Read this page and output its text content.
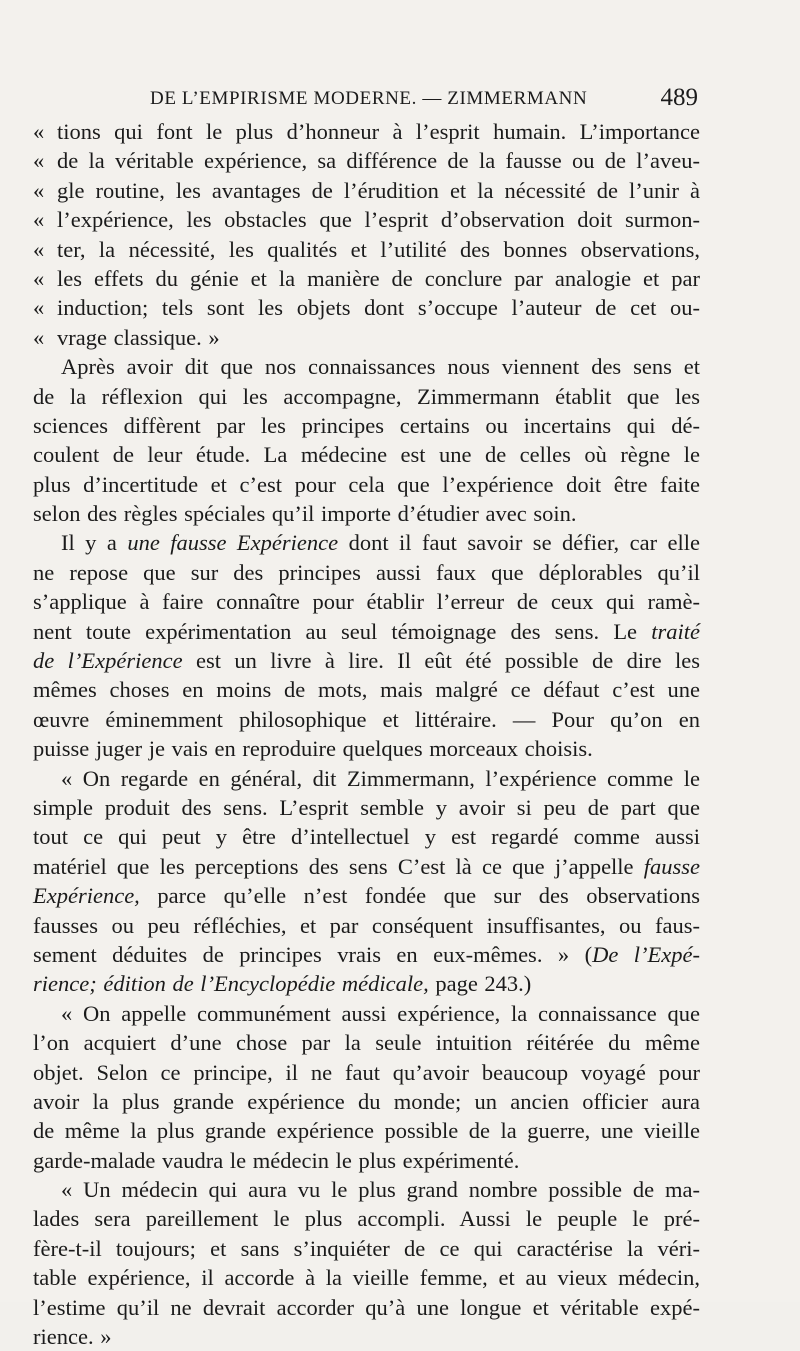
DE L’EMPIRISME MODERNE. — ZIMMERMANN	489
« tions qui font le plus d’honneur à l’esprit humain. L’importance
« de la véritable expérience, sa différence de la fausse ou de l’aveu-
« gle routine, les avantages de l’érudition et la nécessité de l’unir à
« l’expérience, les obstacles que l’esprit d’observation doit surmon-
« ter, la nécessité, les qualités et l’utilité des bonnes observations,
« les effets du génie et la manière de conclure par analogie et par
« induction; tels sont les objets dont s’occupe l’auteur de cet ou-
« vrage classique. »
Après avoir dit que nos connaissances nous viennent des sens et
de la réflexion qui les accompagne, Zimmermann établit que les
sciences diffèrent par les principes certains ou incertains qui dé-
coulent de leur étude. La médecine est une de celles où règne le
plus d’incertitude et c’est pour cela que l’expérience doit être faite
selon des règles spéciales qu’il importe d’étudier avec soin.
Il y a une fausse Expérience dont il faut savoir se défier, car elle
ne repose que sur des principes aussi faux que déplorables qu’il
s’applique à faire connaître pour établir l’erreur de ceux qui ramè-
nent toute expérimentation au seul témoignage des sens. Le traité
de l’Expérience est un livre à lire. Il eût été possible de dire les
mêmes choses en moins de mots, mais malgré ce défaut c’est une
œuvre éminemment philosophique et littéraire. — Pour qu’on en
puisse juger je vais en reproduire quelques morceaux choisis.
« On regarde en général, dit Zimmermann, l’expérience comme le
simple produit des sens. L’esprit semble y avoir si peu de part que
tout ce qui peut y être d’intellectuel y est regardé comme aussi
matériel que les perceptions des sens C’est là ce que j’appelle fausse
Expérience, parce qu’elle n’est fondée que sur des observations
fausses ou peu réfléchies, et par conséquent insuffisantes, ou faus-
sement déduites de principes vrais en eux-mêmes. » (De l’Expé-
rience; édition de l’Encyclopédie médicale, page 243.)
« On appelle communément aussi expérience, la connaissance que
l’on acquiert d’une chose par la seule intuition réitérée du même
objet. Selon ce principe, il ne faut qu’avoir beaucoup voyagé pour
avoir la plus grande expérience du monde; un ancien officier aura
de même la plus grande expérience possible de la guerre, une vieille
garde-malade vaudra le médecin le plus expérimenté.
« Un médecin qui aura vu le plus grand nombre possible de ma-
lades sera pareillement le plus accompli. Aussi le peuple le pré-
fère-t-il toujours; et sans s’inquiéter de ce qui caractérise la véri-
table expérience, il accorde à la vieille femme, et au vieux médecin,
l’estime qu’il ne devrait accorder qu’à une longue et véritable expé-
rience. »
